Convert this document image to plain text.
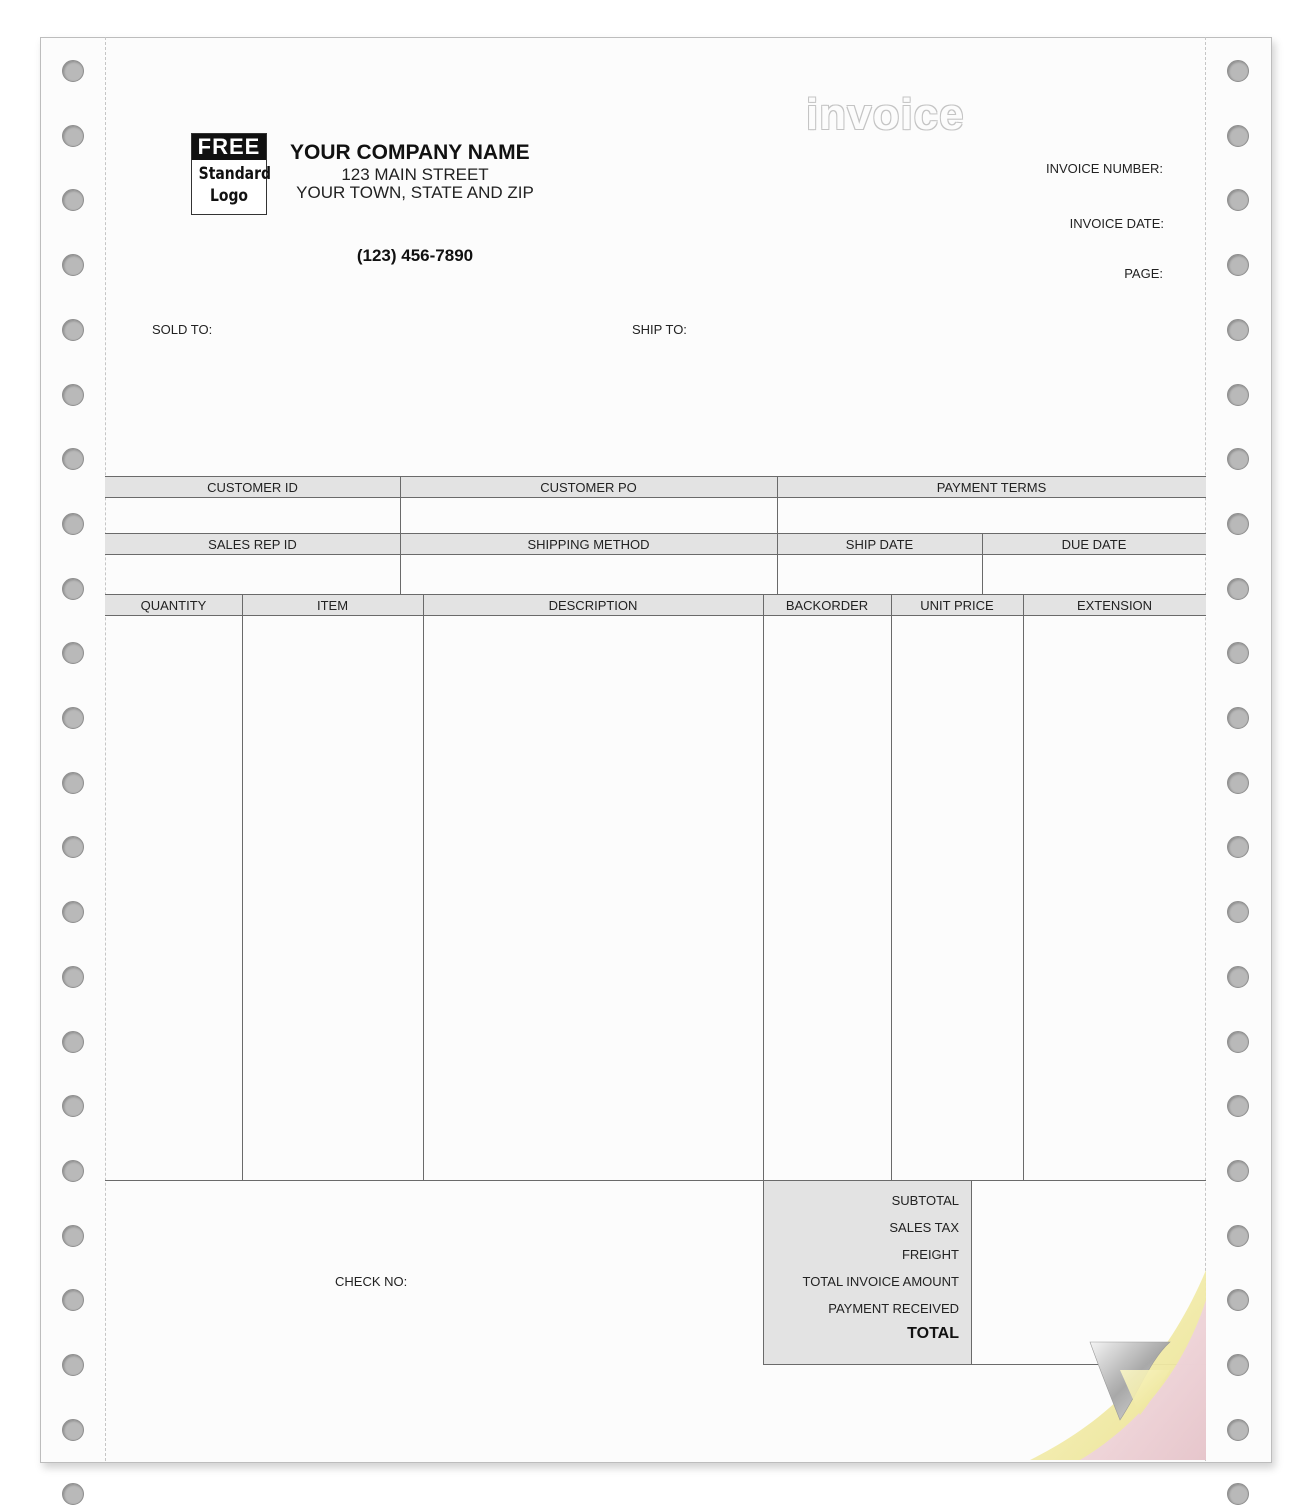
FREE
Standard
Logo
YOUR COMPANY NAME
123 MAIN STREET
YOUR TOWN, STATE AND ZIP
(123) 456-7890
invoice
INVOICE NUMBER:
INVOICE DATE:
PAGE:
SOLD TO:	SHIP TO:
CUSTOMER ID	CUSTOMER PO	PAYMENT TERMS
SALES REP ID	SHIPPING METHOD	SHIP DATE	DUE DATE
QUANTITY	ITEM	DESCRIPTION	BACKORDER	UNIT PRICE	EXTENSION
CHECK NO:
SUBTOTAL
SALES TAX
FREIGHT
TOTAL INVOICE AMOUNT
PAYMENT RECEIVED
TOTAL
